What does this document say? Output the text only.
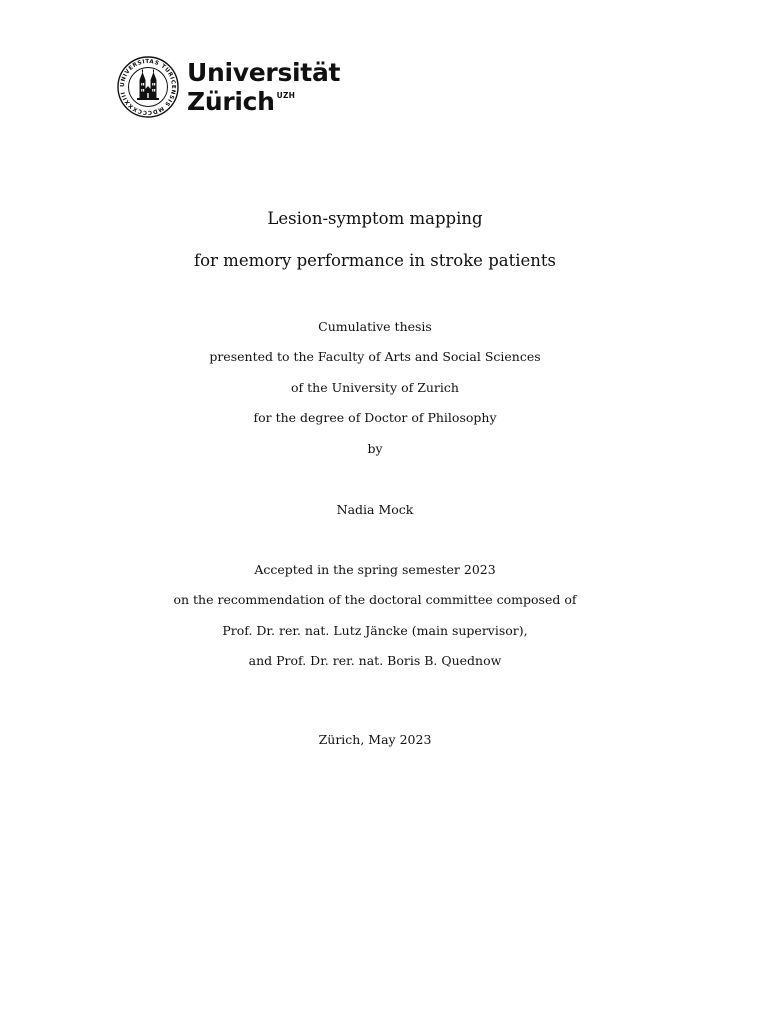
UNIVERSITAS TURICENSIS MDCCCXXXIII
Universität
Zürich UZH
Lesion-symptom mapping
for memory performance in stroke patients
Cumulative thesis
presented to the Faculty of Arts and Social Sciences
of the University of Zurich
for the degree of Doctor of Philosophy
by
Nadia Mock
Accepted in the spring semester 2023
on the recommendation of the doctoral committee composed of
Prof. Dr. rer. nat. Lutz Jäncke (main supervisor),
and Prof. Dr. rer. nat. Boris B. Quednow
Zürich, May 2023
